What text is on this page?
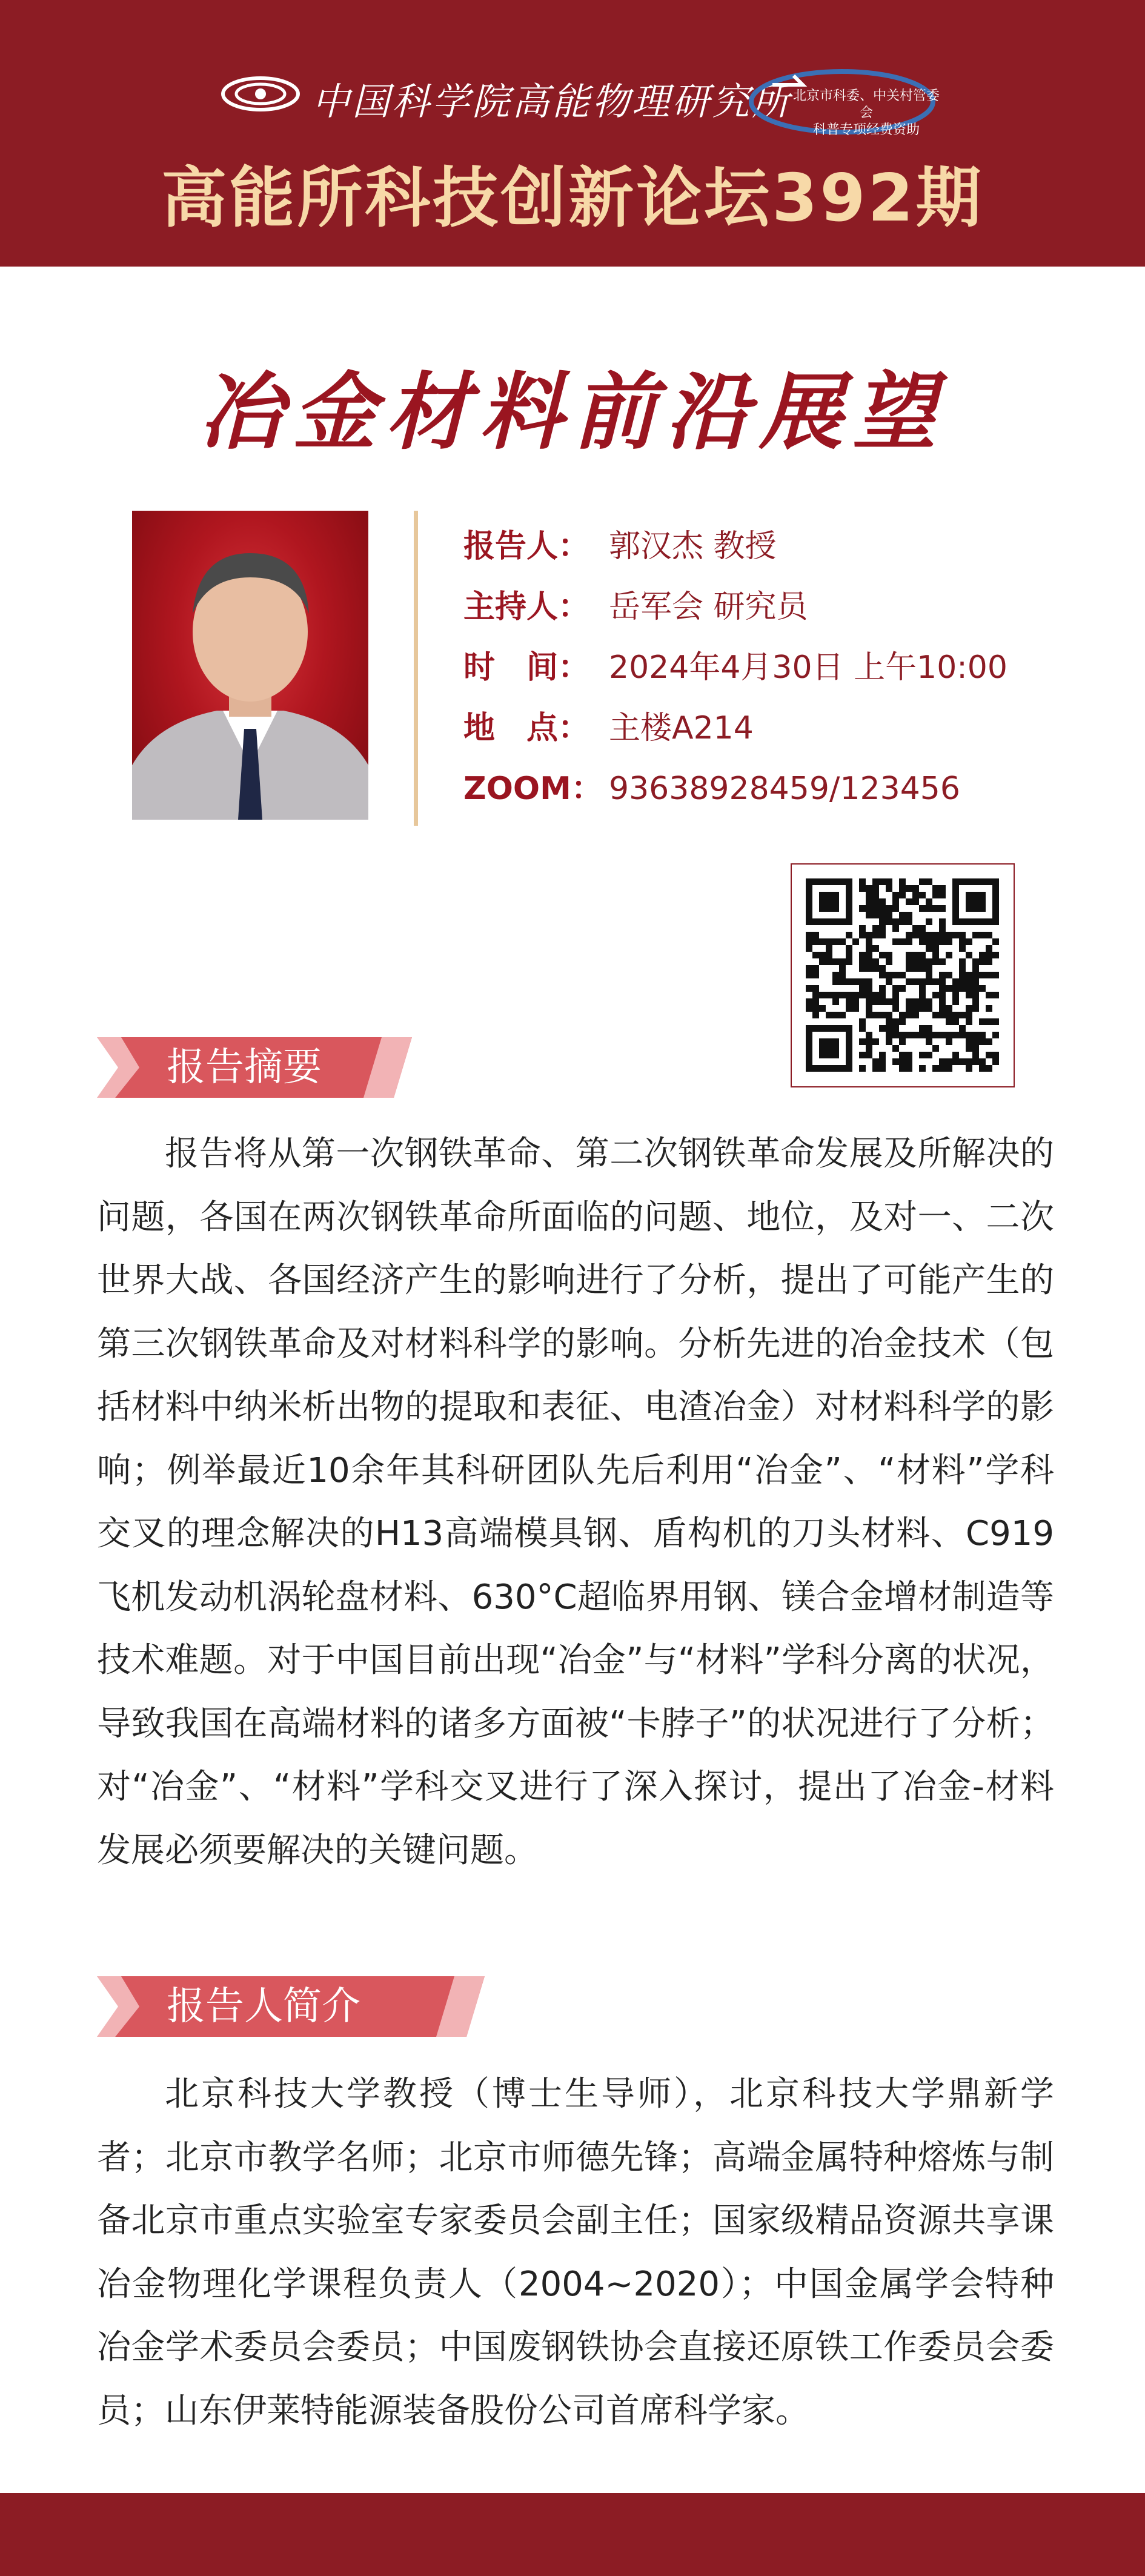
中国科学院高能物理研究所 北京市科委、中关村管委会
科普专项经费资助
高能所科技创新论坛392期
冶金材料前沿展望
报告人： 郭汉杰 教授
主持人： 岳军会 研究员
时　间： 2024年4月30日 上午10:00
地　点： 主楼A214
ZOOM： 93638928459/123456
报告摘要

报告将从第一次钢铁革命、第二次钢铁革命发展及所解决的问题，各国在两次钢铁革命所面临的问题、地位，及对一、二次世界大战、各国经济产生的影响进行了分析，提出了可能产生的第三次钢铁革命及对材料科学的影响。分析先进的冶金技术（包括材料中纳米析出物的提取和表征、电渣冶金）对材料科学的影响；例举最近10余年其科研团队先后利用“冶金”、“材料”学科交叉的理念解决的H13高端模具钢、盾构机的刀头材料、C919飞机发动机涡轮盘材料、630°C超临界用钢、镁合金增材制造等技术难题。对于中国目前出现“冶金”与“材料”学科分离的状况，导致我国在高端材料的诸多方面被“卡脖子”的状况进行了分析；对“冶金”、“材料”学科交叉进行了深入探讨，提出了冶金-材料发展必须要解决的关键问题。

报告人简介

北京科技大学教授（博士生导师），北京科技大学鼎新学者；北京市教学名师；北京市师德先锋；高端金属特种熔炼与制备北京市重点实验室专家委员会副主任；国家级精品资源共享课冶金物理化学课程负责人（2004~2020）；中国金属学会特种冶金学术委员会委员；中国废钢铁协会直接还原铁工作委员会委员；山东伊莱特能源装备股份公司首席科学家。
